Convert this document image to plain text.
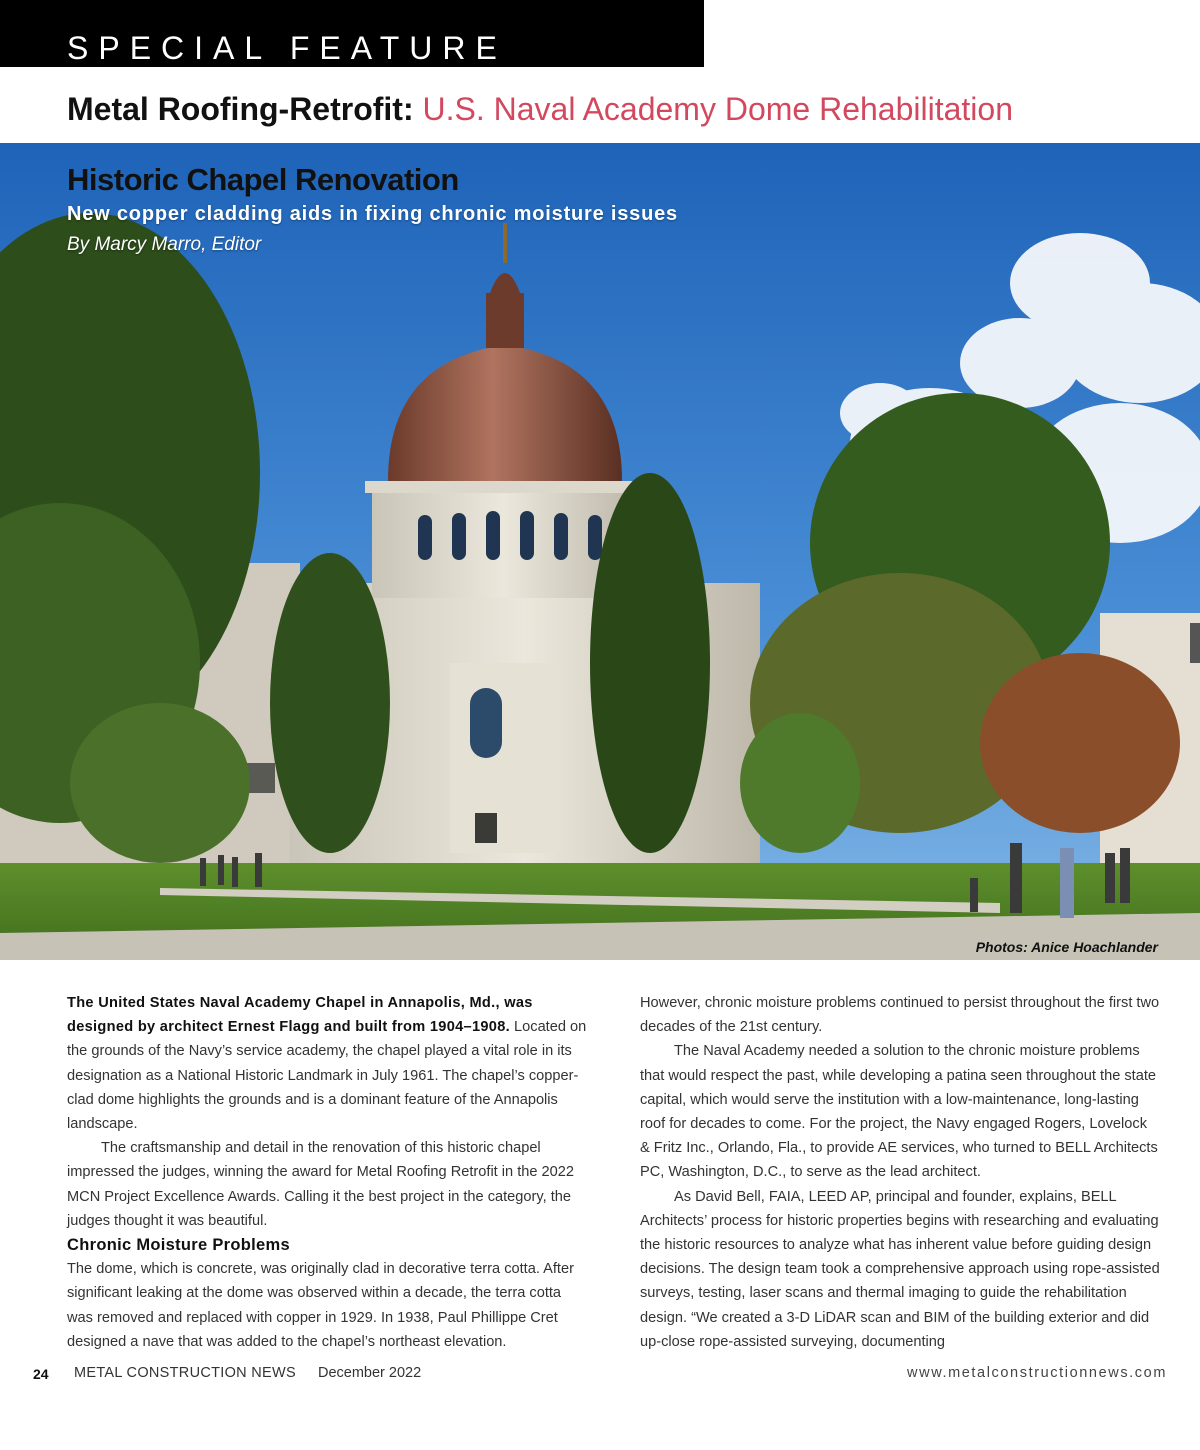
SPECIAL FEATURE
Metal Roofing-Retrofit: U.S. Naval Academy Dome Rehabilitation
Historic Chapel Renovation
New copper cladding aids in fixing chronic moisture issues
By Marcy Marro, Editor
Photos: Anice Hoachlander

The United States Naval Academy Chapel in Annapolis, Md., was designed by architect Ernest Flagg and built from 1904–1908. Located on the grounds of the Navy’s service academy, the chapel played a vital role in its designation as a National Historic Landmark in July 1961. The chapel’s copper-clad dome highlights the grounds and is a dominant feature of the Annapolis landscape.

The craftsmanship and detail in the renovation of this historic chapel impressed the judges, winning the award for Metal Roofing Retrofit in the 2022 MCN Project Excellence Awards. Calling it the best project in the category, the judges thought it was beautiful.

Chronic Moisture Problems

The dome, which is concrete, was originally clad in decorative terra cotta. After significant leaking at the dome was observed within a decade, the terra cotta was removed and replaced with copper in 1929. In 1938, Paul Phillippe Cret designed a nave that was added to the chapel’s northeast elevation.

However, chronic moisture problems continued to persist throughout the first two decades of the 21st century.

The Naval Academy needed a solution to the chronic moisture problems that would respect the past, while developing a patina seen throughout the state capital, which would serve the institution with a low-maintenance, long-lasting roof for decades to come. For the project, the Navy engaged Rogers, Lovelock & Fritz Inc., Orlando, Fla., to provide AE services, who turned to BELL Architects PC, Washington, D.C., to serve as the lead architect.

As David Bell, FAIA, LEED AP, principal and founder, explains, BELL Architects’ process for historic properties begins with researching and evaluating the historic resources to analyze what has inherent value before guiding design decisions. The design team took a comprehensive approach using rope-assisted surveys, testing, laser scans and thermal imaging to guide the rehabilitation design. “We created a 3-D LiDAR scan and BIM of the building exterior and did up-close rope-assisted surveying, documenting

24 METAL CONSTRUCTION NEWS December 2022	www.metalconstructionnews.com
